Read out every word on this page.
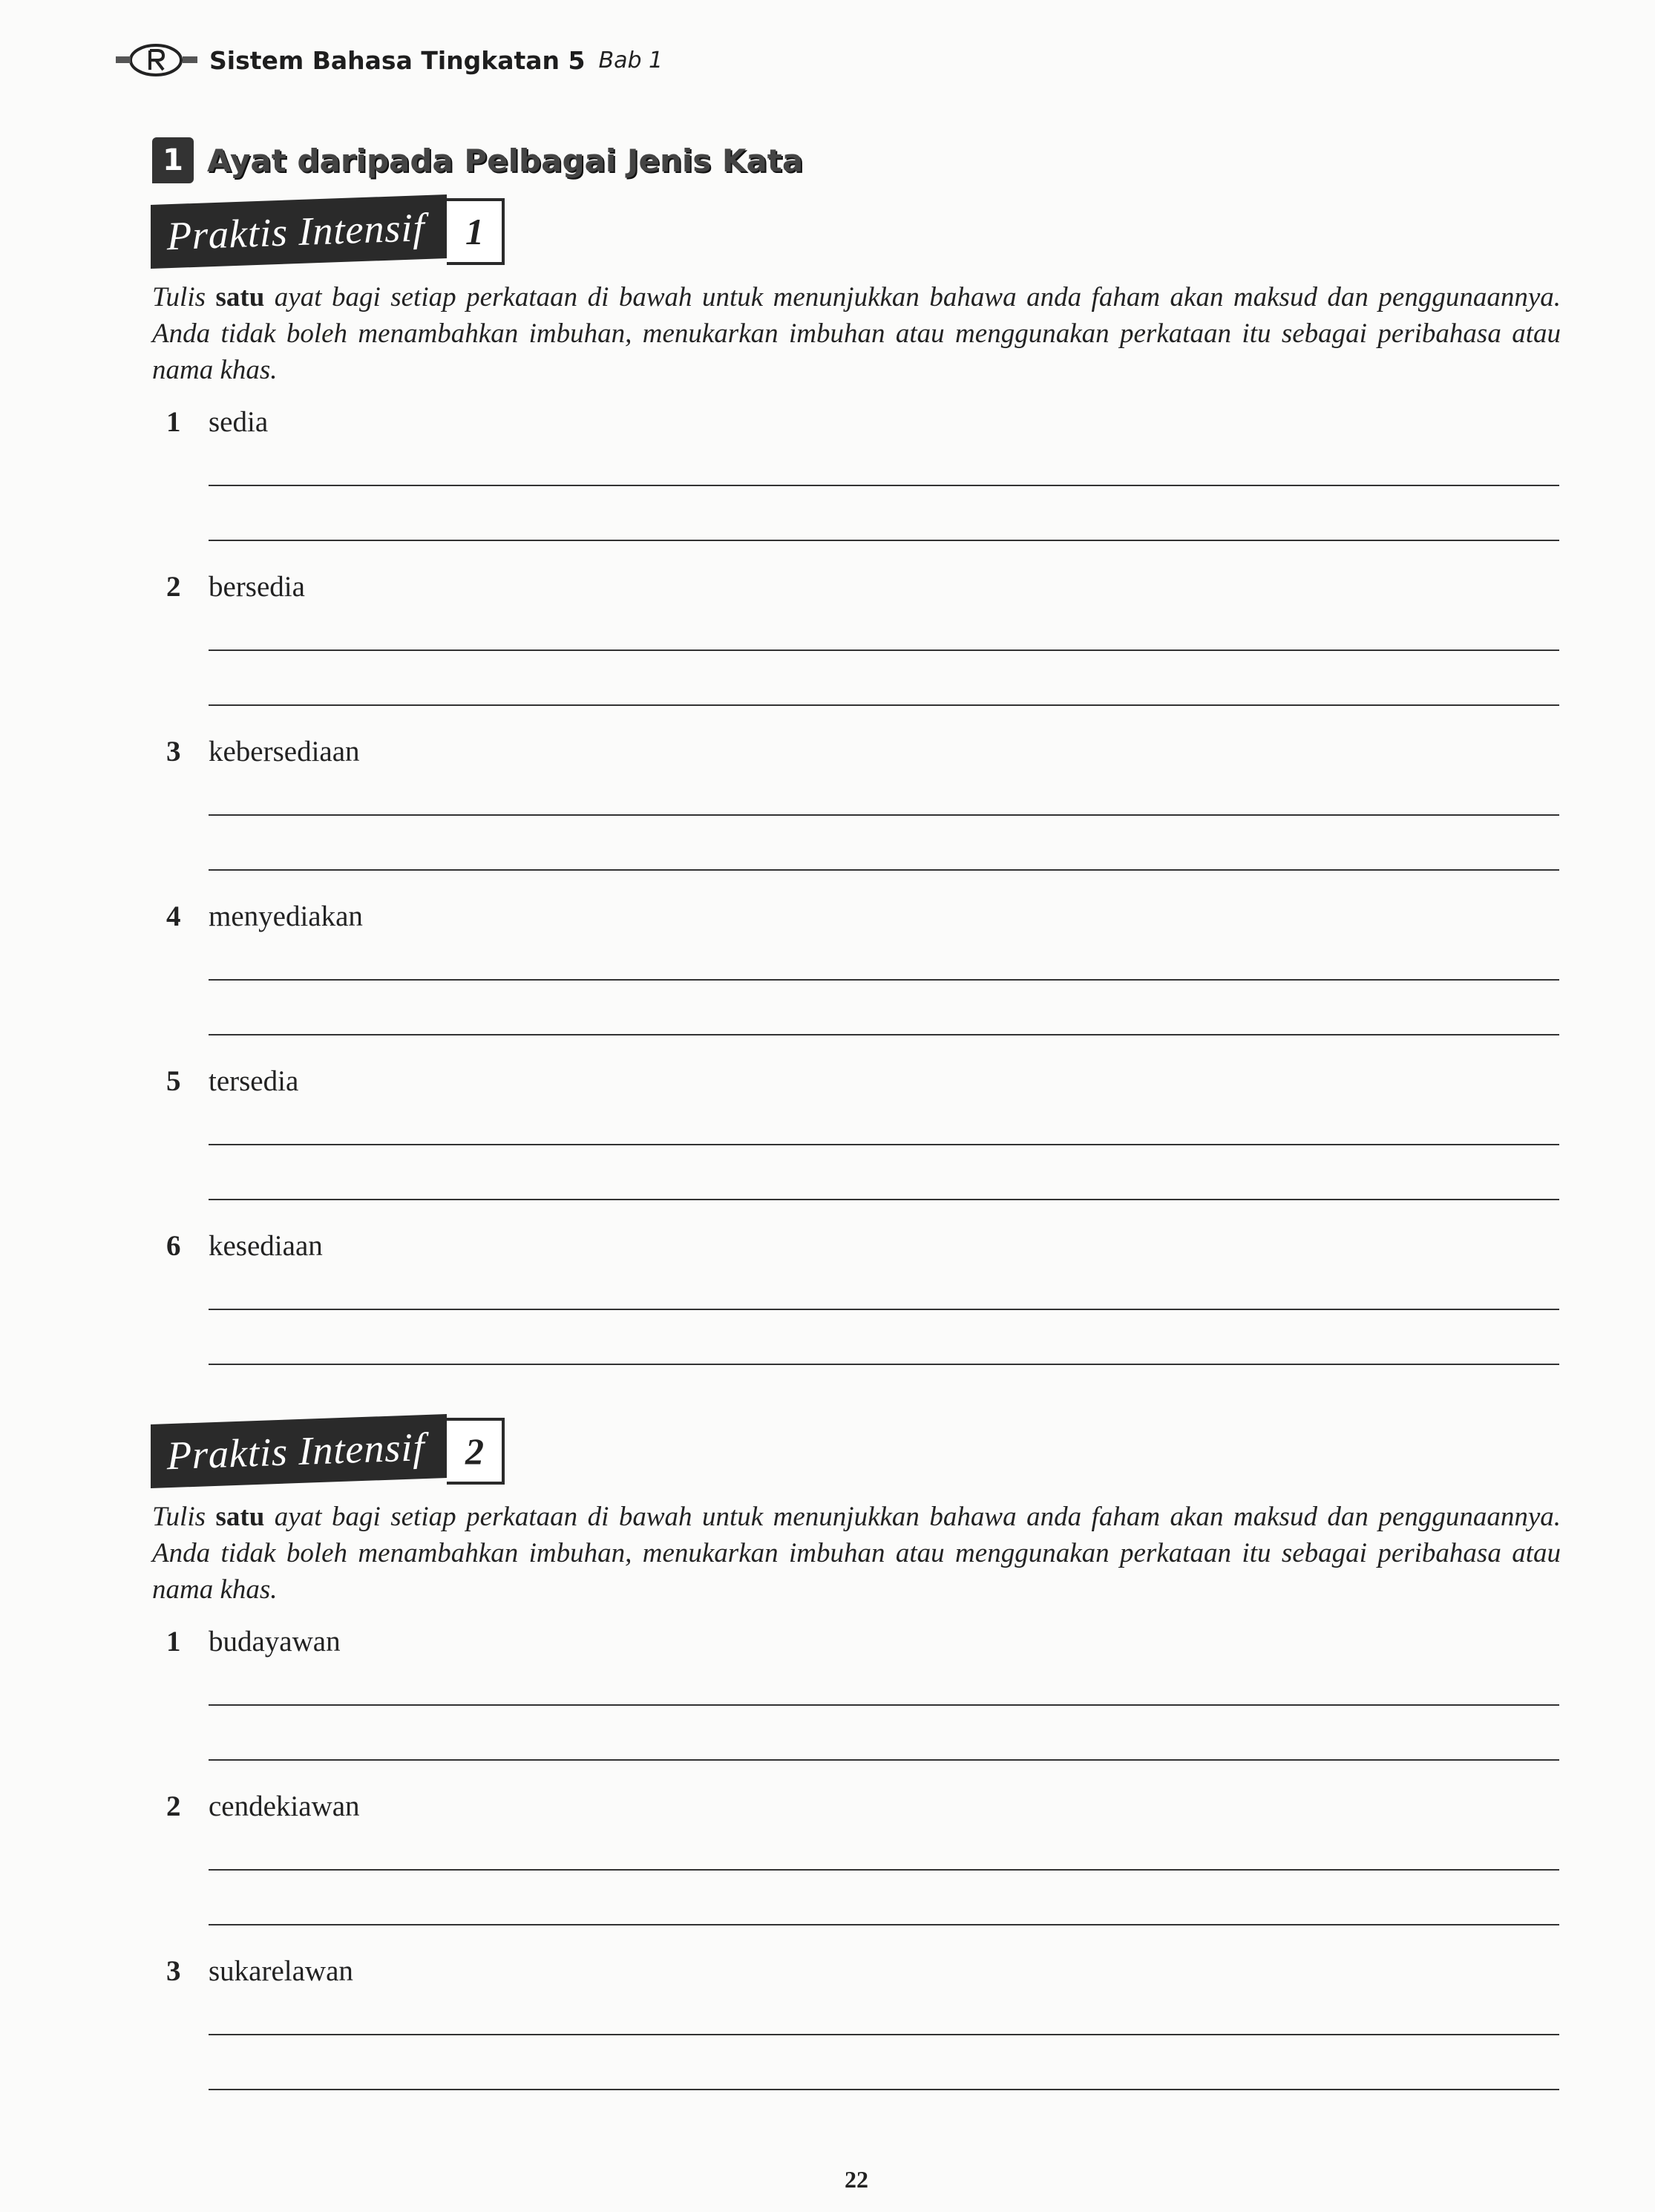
Sistem Bahasa Tingkatan 5 Bab 1
1 Ayat daripada Pelbagai Jenis Kata
Praktis Intensif	1
Tulis satu ayat bagi setiap perkataan di bawah untuk menunjukkan bahawa anda faham akan maksud dan penggunaannya. Anda tidak boleh menambahkan imbuhan, menukarkan imbuhan atau menggunakan perkataan itu sebagai peribahasa atau nama khas.
1 sedia
2 bersedia
3 kebersediaan
4 menyediakan
5 tersedia
6 kesediaan
Praktis Intensif	2
Tulis satu ayat bagi setiap perkataan di bawah untuk menunjukkan bahawa anda faham akan maksud dan penggunaannya. Anda tidak boleh menambahkan imbuhan, menukarkan imbuhan atau menggunakan perkataan itu sebagai peribahasa atau nama khas.
1 budayawan
2 cendekiawan
3 sukarelawan
22
